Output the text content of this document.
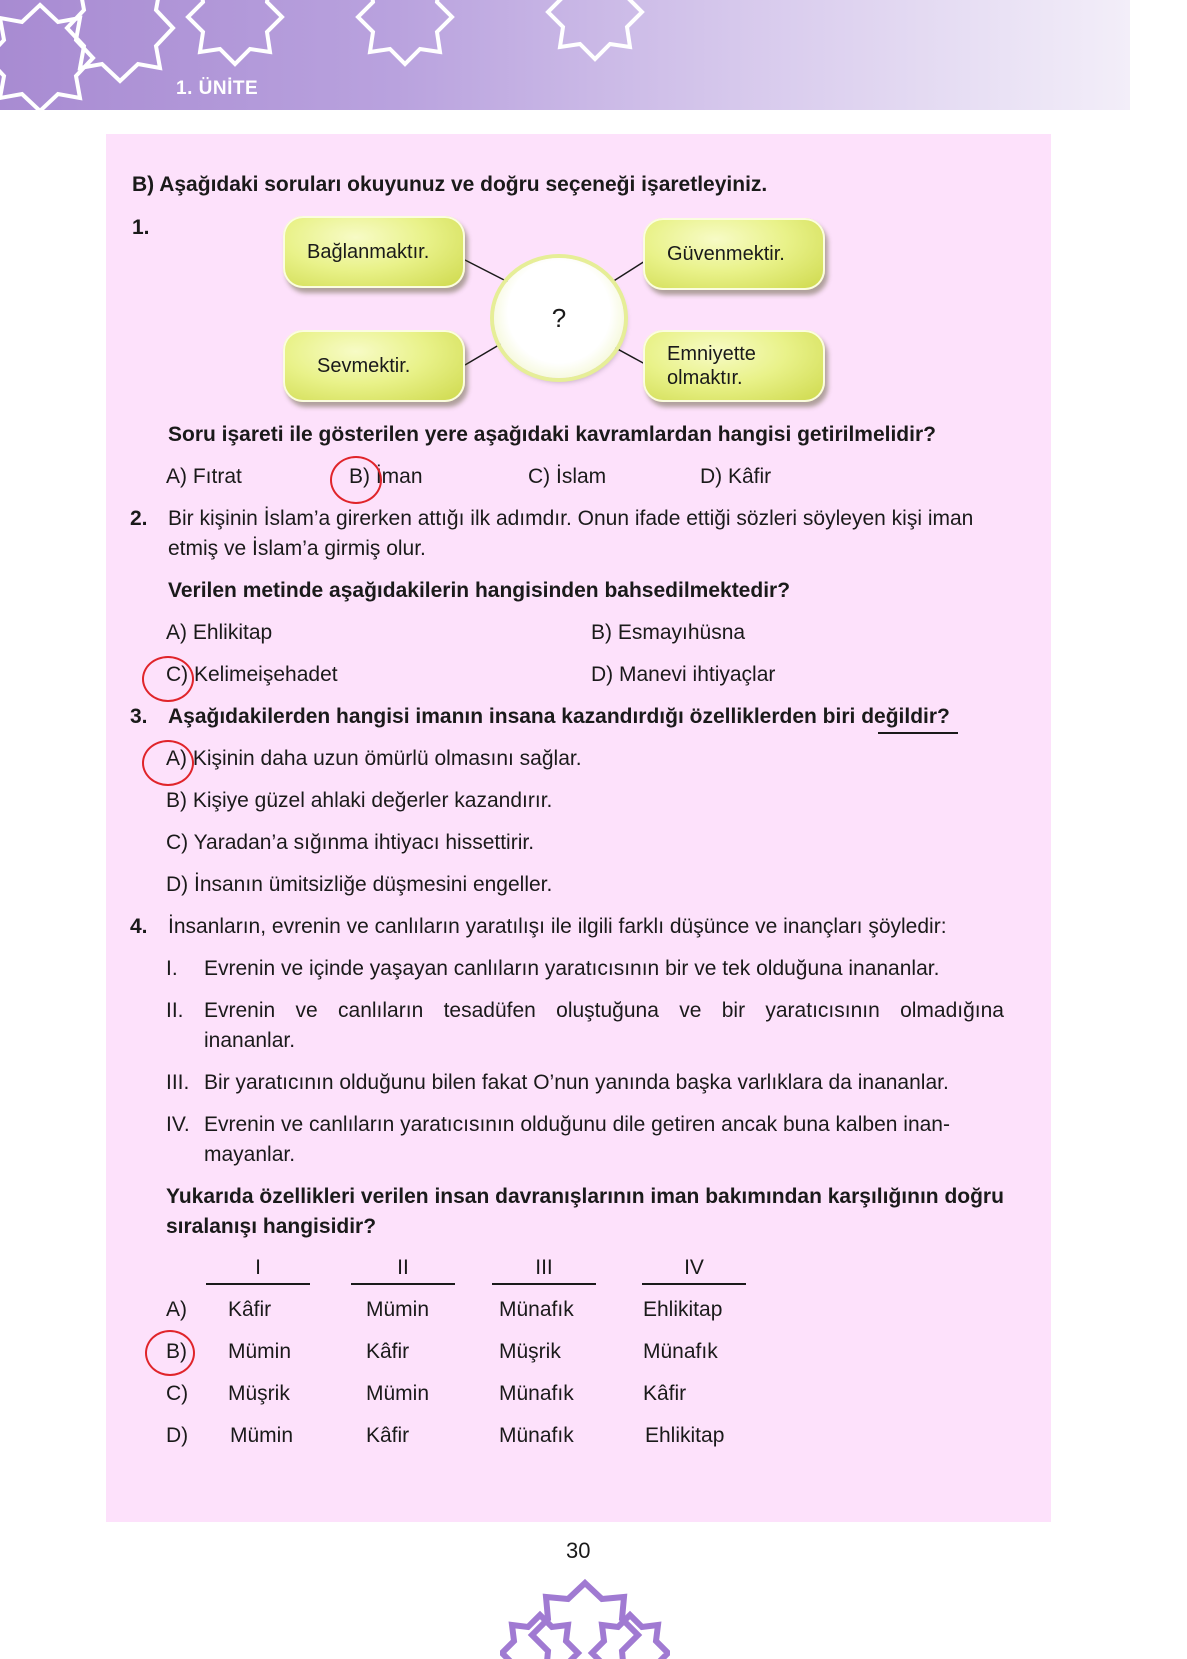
1. ÜNİTE
B) Aşağıdaki soruları okuyunuz ve doğru seçeneği işaretleyiniz.
1.
Bağlanmaktır.	Güvenmektir.
Sevmektir.
Emniyette olmaktır.
?
Soru işareti ile gösterilen yere aşağıdaki kavramlardan hangisi getirilmelidir?
A) Fıtrat	B) İman	C) İslam	D) Kâfir
2. Bir kişinin İslam’a girerken attığı ilk adımdır. Onun ifade ettiği sözleri söyleyen kişi iman
etmiş ve İslam’a girmiş olur.
Verilen metinde aşağıdakilerin hangisinden bahsedilmektedir?
A) Ehlikitap	B) Esmayıhüsna
C) Kelimeişehadet	D) Manevi ihtiyaçlar
3. Aşağıdakilerden hangisi imanın insana kazandırdığı özelliklerden biri değildir?
A) Kişinin daha uzun ömürlü olmasını sağlar.
B) Kişiye güzel ahlaki değerler kazandırır.
C) Yaradan’a sığınma ihtiyacı hissettirir.
D) İnsanın ümitsizliğe düşmesini engeller.
4. İnsanların, evrenin ve canlıların yaratılışı ile ilgili farklı düşünce ve inançları şöyledir:
I. Evrenin ve içinde yaşayan canlıların yaratıcısının bir ve tek olduğuna inananlar.
II. Evrenin ve canlıların tesadüfen oluştuğuna ve bir yaratıcısının olmadığına
inananlar.
III. Bir yaratıcının olduğunu bilen fakat O’nun yanında başka varlıklara da inananlar.
IV. Evrenin ve canlıların yaratıcısının olduğunu dile getiren ancak buna kalben inan-
mayanlar.
Yukarıda özellikleri verilen insan davranışlarının iman bakımından karşılığının doğru
sıralanışı hangisidir?
I	II	III	IV
A) Kâfir	Mümin	Münafık	Ehlikitap
B) Mümin	Kâfir	Müşrik	Münafık
C) Müşrik	Mümin	Münafık	Kâfir
D) Mümin	Kâfir	Münafık	Ehlikitap
30
